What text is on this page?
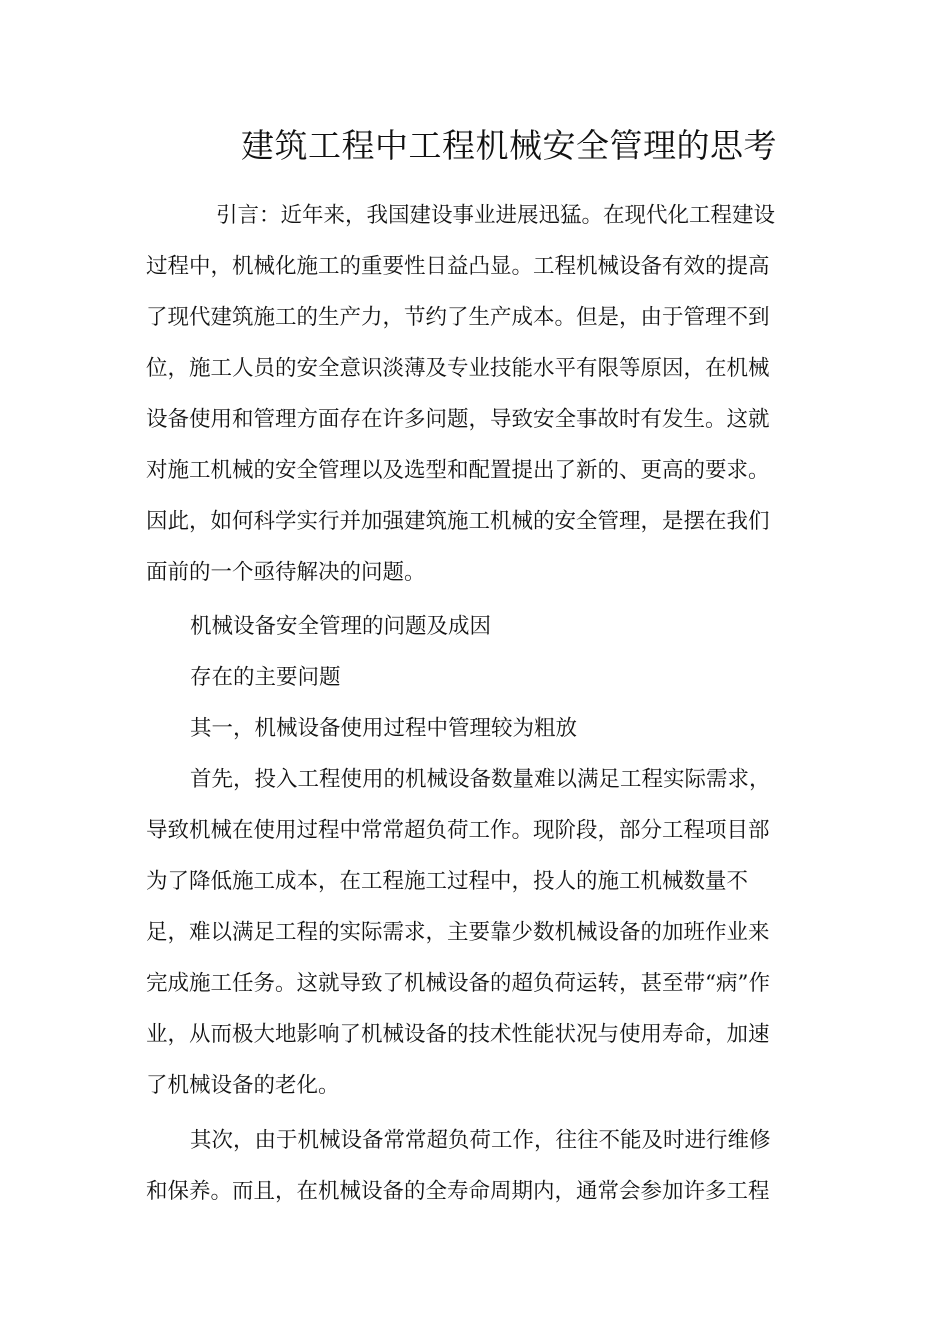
建筑工程中工程机械安全管理的思考
引言：近年来，我国建设事业进展迅猛。在现代化工程建设
过程中，机械化施工的重要性日益凸显。工程机械设备有效的提高
了现代建筑施工的生产力，节约了生产成本。但是，由于管理不到
位，施工人员的安全意识淡薄及专业技能水平有限等原因，在机械
设备使用和管理方面存在许多问题，导致安全事故时有发生。这就
对施工机械的安全管理以及选型和配置提出了新的、更高的要求。
因此，如何科学实行并加强建筑施工机械的安全管理，是摆在我们
面前的一个亟待解决的问题。
机械设备安全管理的问题及成因
存在的主要问题
其一，机械设备使用过程中管理较为粗放
首先，投入工程使用的机械设备数量难以满足工程实际需求，
导致机械在使用过程中常常超负荷工作。现阶段，部分工程项目部
为了降低施工成本，在工程施工过程中，投人的施工机械数量不
足，难以满足工程的实际需求，主要靠少数机械设备的加班作业来
完成施工任务。这就导致了机械设备的超负荷运转，甚至带“病”作
业，从而极大地影响了机械设备的技术性能状况与使用寿命，加速
了机械设备的老化。
其次，由于机械设备常常超负荷工作，往往不能及时进行维修
和保养。而且，在机械设备的全寿命周期内，通常会参加许多工程
